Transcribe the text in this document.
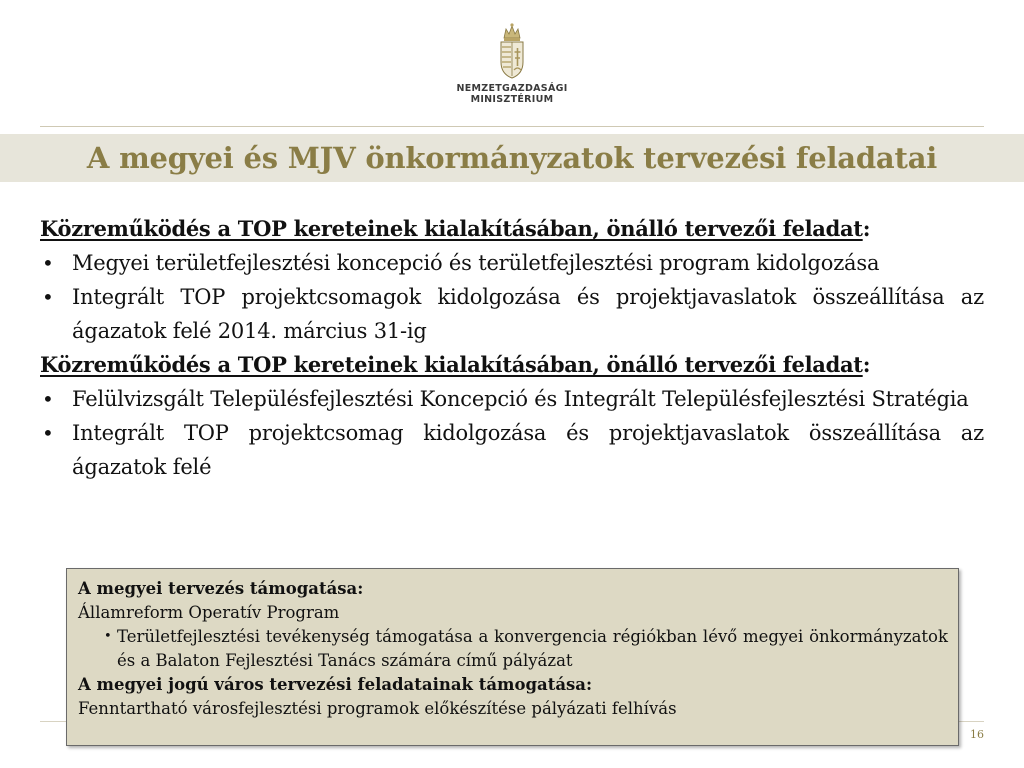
NEMZETGAZDASÁGI
MINISZTÉRIUM
A megyei és MJV önkormányzatok tervezési feladatai

Közreműködés a TOP kereteinek kialakításában, önálló tervezői feladat:

• Megyei területfejlesztési koncepció és területfejlesztési program kidolgozása
• Integrált TOP projektcsomagok kidolgozása és projektjavaslatok összeállítása az ágazatok felé 2014. március 31-ig

Közreműködés a TOP kereteinek kialakításában, önálló tervezői feladat:

• Felülvizsgált Településfejlesztési Koncepció és Integrált Településfejlesztési Stratégia
• Integrált TOP projektcsomag kidolgozása és projektjavaslatok összeállítása az ágazatok felé

A megyei tervezés támogatása:

Államreform Operatív Program

• Területfejlesztési tevékenység támogatása a konvergencia régiókban lévő megyei önkormányzatok és a Balaton Fejlesztési Tanács számára című pályázat

A megyei jogú város tervezési feladatainak támogatása:

Fenntartható városfejlesztési programok előkészítése pályázati felhívás

16
